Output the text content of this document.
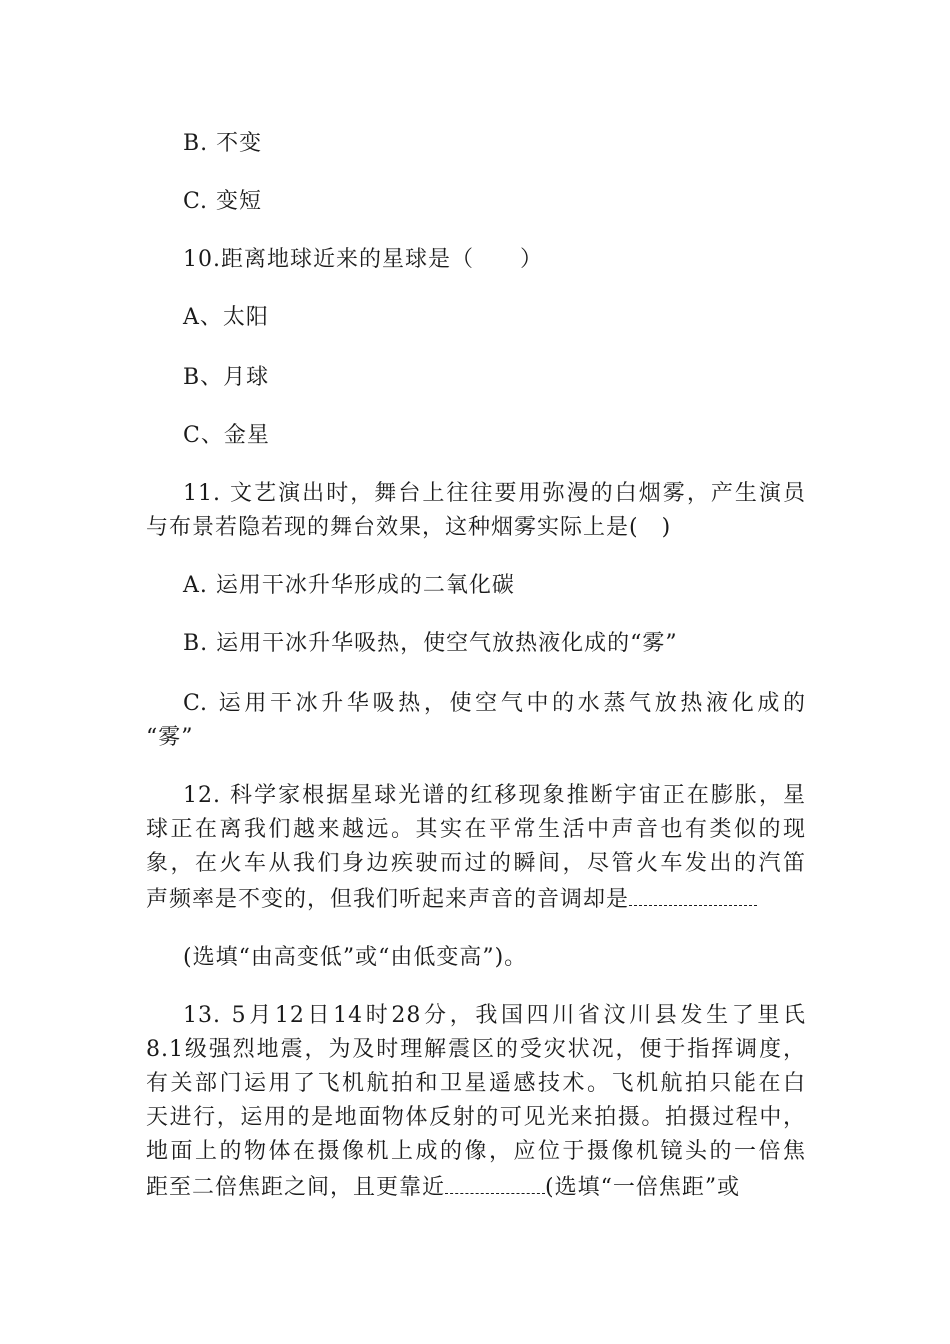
B. 不变
C. 变短
10.距离地球近来的星球是（　　）
A、太阳
B、月球
C、金星
11. 文艺演出时，舞台上往往要用弥漫的白烟雾，产生演员
与布景若隐若现的舞台效果，这种烟雾实际上是(　)
A. 运用干冰升华形成的二氧化碳
B. 运用干冰升华吸热，使空气放热液化成的“雾”
C. 运用干冰升华吸热，使空气中的水蒸气放热液化成的
“雾”
12. 科学家根据星球光谱的红移现象推断宇宙正在膨胀，星
球正在离我们越来越远。其实在平常生活中声音也有类似的现
象，在火车从我们身边疾驶而过的瞬间，尽管火车发出的汽笛
声频率是不变的，但我们听起来声音的音调却是
(选填“由高变低”或“由低变高”)。
13. 5月12日14时28分，我国四川省汶川县发生了里氏
8.1级强烈地震，为及时理解震区的受灾状况，便于指挥调度，
有关部门运用了飞机航拍和卫星遥感技术。飞机航拍只能在白
天进行，运用的是地面物体反射的可见光来拍摄。拍摄过程中，
地面上的物体在摄像机上成的像，应位于摄像机镜头的一倍焦
距至二倍焦距之间，且更靠近	(选填“一倍焦距”或
